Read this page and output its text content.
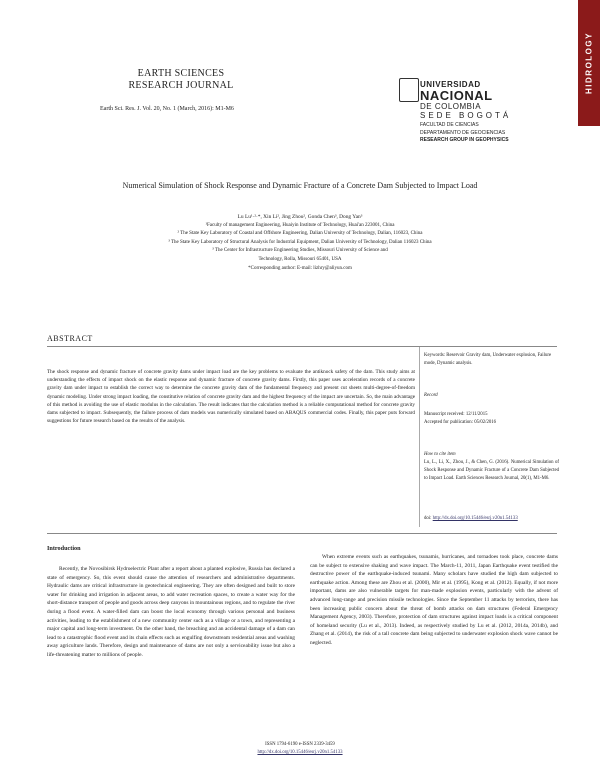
HIDROLOGY
EARTH SCIENCES
RESEARCH JOURNAL
Earth Sci. Res. J. Vol. 20, No. 1 (March, 2016): M1-M6
UNIVERSIDAD
NACIONAL
DE COLOMBIA
SEDE BOGOTÁ
FACULTAD DE CIENCIAS
DEPARTAMENTO DE GEOCIENCIAS
RESEARCH GROUP IN GEOPHYSICS
Numerical Simulation of Shock Response and Dynamic Fracture of a Concrete Dam Subjected to Impact Load
Lu Lu¹·²·*, Xin Li², Jing Zhou², Gonda Chen³, Dong Yan³
¹Faculty of management Engineering, Huaiyin Institute of Technology, Huai'an 223001, China
² The State Key Laboratory of Coastal and Offshore Engineering, Dalian University of Technology, Dalian, 116023, China
³ The State Key Laboratory of Structural Analysis for Industrial Equipment, Dalian University of Technology, Dalian 116023 China
³ The Center for Infrastructure Engineering Studies, Missouri University of Science and
Technology, Rolla, Missouri 65401, USA
*Corresponding author: E-mail: lizhry@aliyun.com
ABSTRACT
The shock response and dynamic fracture of concrete gravity dams under impact load are the key problems to evaluate the antiknock safety of the dam. This study aims at understanding the effects of impact shock on the elastic response and dynamic fracture of concrete gravity dams. Firstly, this paper uses acceleration records of a concrete gravity dam under impact to establish the correct way to determine the concrete gravity dam of the fundamental frequency and present cut sheets multi-degree-of-freedom dynamic modeling. Under strong impact loading, the constitutive relation of concrete gravity dam and the highest frequency of the impact are uncertain. So, the main advantage of this method is avoiding the use of elastic modulus in the calculation. The result indicates that the calculation method is a reliable computational method for concrete gravity dams subjected to impact. Subsequently, the failure process of dam models was numerically simulated based on ABAQUS commercial codes. Finally, this paper puts forward suggestions for future research based on the results of the analysis.
Keywords: Reservoir Gravity dam, Underwater explosion, Failure mode, Dynamic analysis.
Record
Manuscript received: 12/11/2015
Accepted for publication: 05/02/2016
How to cite item
Lu, L., Li, X., Zhou, J., & Chen, G. (2016). Numerical Simulation of Shock Response and Dynamic Fracture of a Concrete Dam Subjected to Impact Load. Earth Sciences Research Journal, 20(1), M1-M6.
doi: http://dx.doi.org/10.15446/esrj.v20n1.54133
Introduction

Recently, the Novosibirsk Hydroelectric Plant after a report about a planted explosive, Russia has declared a state of emergency. So, this event should cause the attention of researchers and administrative departments. Hydraulic dams are critical infrastructure in geotechnical engineering. They are often designed and built to store water for drinking and irrigation in adjacent areas, to add water recreation spaces, to create a water way for the short-distance transport of people and goods across deep canyons in mountainous regions, and to regulate the river during a flood event. A water-filled dam can boost the local economy through various personal and business activities, leading to the establishment of a new community center such as a village or a town, and representing a major capital and long-term investment. On the other hand, the breaching and an accidental damage of a dam can lead to a catastrophic flood event and its chain effects such as engulfing downstream residential areas and washing away agriculture lands. Therefore, design and maintenance of dams are not only a serviceability issue but also a life-threatening matter to millions of people.

When extreme events such as earthquakes, tsunamis, hurricanes, and tornadoes took place, concrete dams can be subject to extensive shaking and wave impact. The March-11, 2011, Japan Earthquake event testified the destructive power of the earthquake-induced tsunami. Many scholars have studied the high dam subjected to earthquake action. Among these are Zhou et al. (2000), Mir et al. (1995), Kong et al. (2012). Equally, if not more important, dams are also vulnerable targets for man-made explosion events, particularly with the advent of advanced long-range and precision missile technologies. Since the September 11 attacks by terrorists, there has been increasing public concern about the threat of bomb attacks on dam structures (Federal Emergency Management Agency, 2003). Therefore, protection of dam structures against impact loads is a critical component of homeland security (Lu et al., 2013). Indeed, as respectively studied by Lu et al. (2012, 2014a, 2014b), and Zhang et al. (2014), the risk of a tall concrete dam being subjected to underwater explosion shock wave cannot be neglected.

ISSN 1794-6190 e-ISSN 2339-3459
http://dx.doi.org/10.15446/esrj.v20n1.54133
